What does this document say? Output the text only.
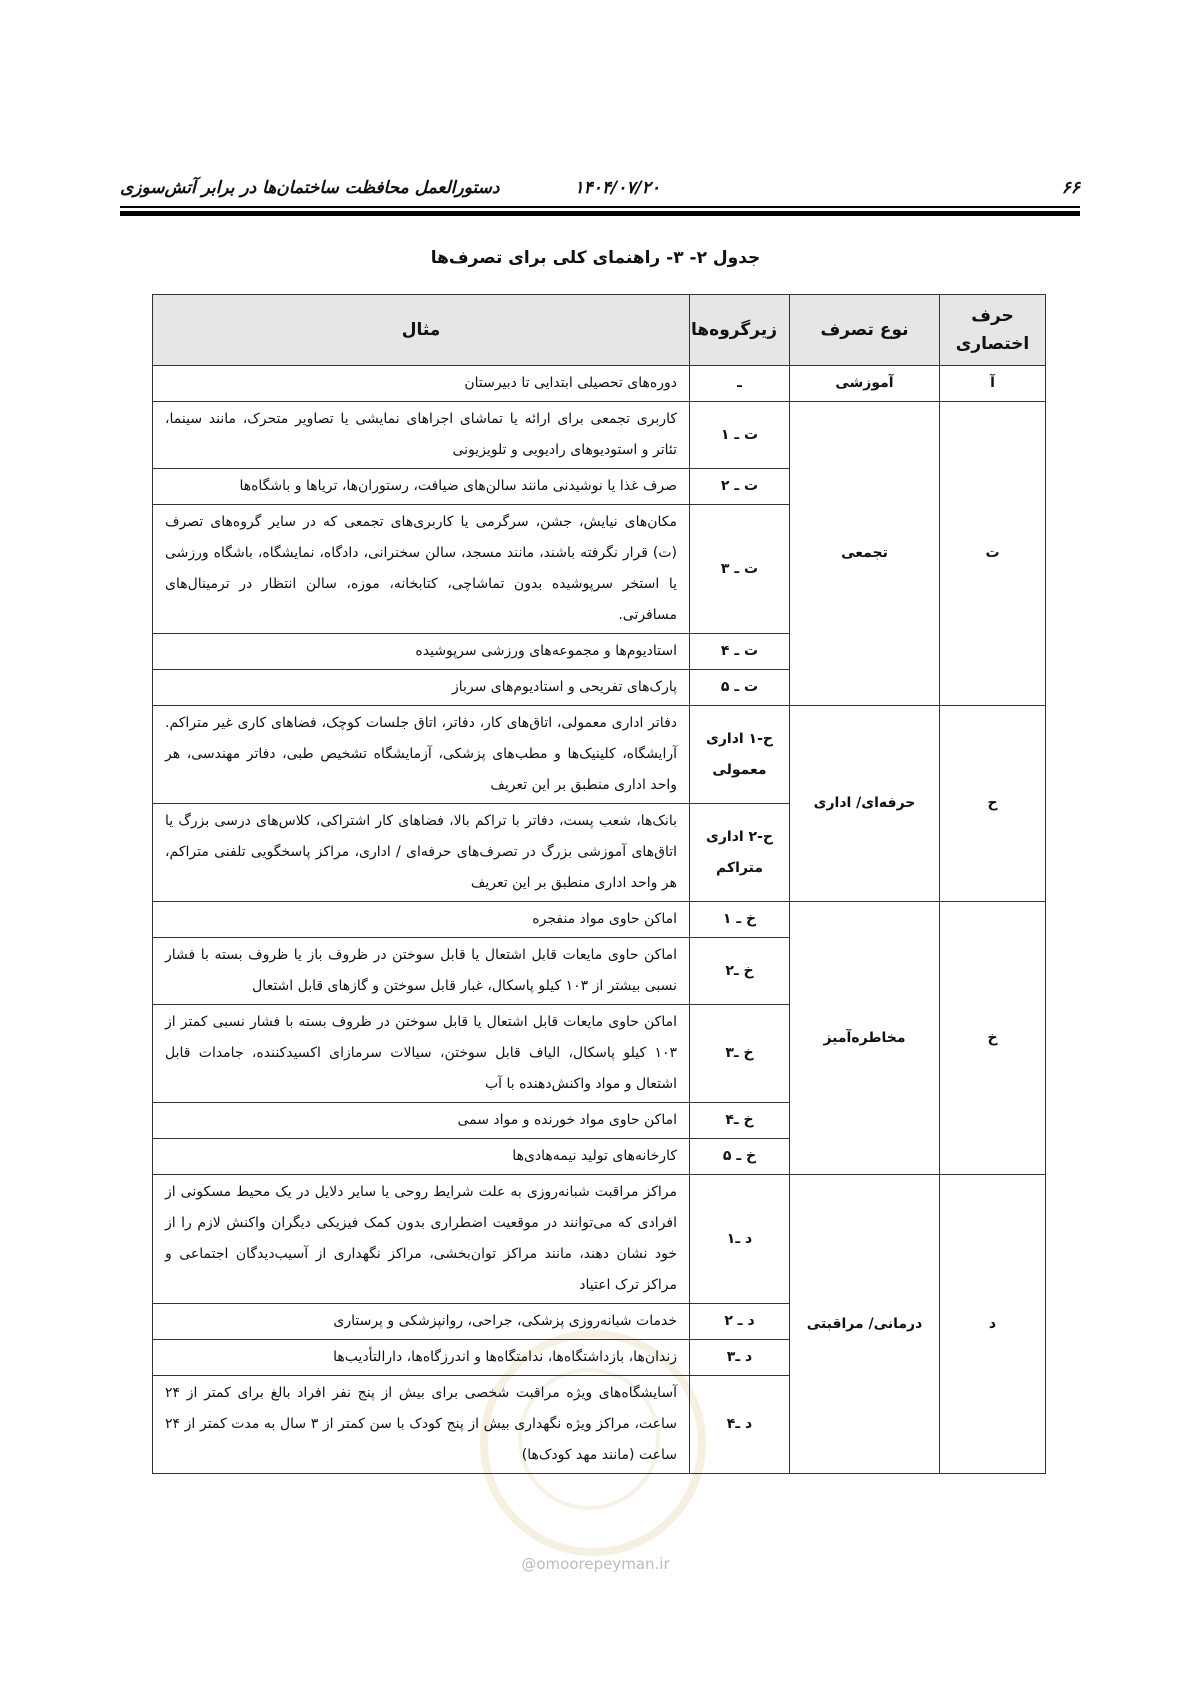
۶۶
۱۴۰۴/۰۷/۲۰
دستورالعمل محافظت ساختمان‌ها در برابر آتش‌سوزی
جدول ۲- ۳- راهنمای کلی برای تصرف‌ها
حرف اختصاری	نوع تصرف	زیرگروه‌ها	مثال
آ	آموزشی	ـ	دوره‌های تحصیلی ابتدایی تا دبیرستان
ت	تجمعی	ت ـ ۱	کاربری تجمعی برای ارائه یا تماشای اجراهای نمایشی یا تصاویر متحرک، مانند سینما، تئاتر و استودیوهای رادیویی و تلویزیونی
		ت ـ ۲	صرف غذا یا نوشیدنی مانند سالن‌های ضیافت، رستوران‌ها، تریاها و باشگاه‌ها
		ت ـ ۳	مکان‌های نیایش، جشن، سرگرمی یا کاربری‌های تجمعی که در سایر گروه‌های تصرف (ت) قرار نگرفته باشند، مانند مسجد، سالن سخنرانی، دادگاه، نمایشگاه، باشگاه ورزشی یا استخر سرپوشیده بدون تماشاچی، کتابخانه، موزه، سالن انتظار در ترمینال‌های مسافرتی.
		ت ـ ۴	استادیوم‌ها و مجموعه‌های ورزشی سرپوشیده
		ت ـ ۵	پارک‌های تفریحی و استادیوم‌های سرباز
ح	حرفه‌ای/ اداری	ح-۱ اداری معمولی	دفاتر اداری معمولی، اتاق‌های کار، دفاتر، اتاق جلسات کوچک، فضاهای کاری غیر متراکم. آرایشگاه، کلینیک‌ها و مطب‌های پزشکی، آزمایشگاه تشخیص طبی، دفاتر مهندسی، هر واحد اداری منطبق بر این تعریف
		ح-۲ اداری متراکم	بانک‌ها، شعب پست، دفاتر با تراکم بالا، فضاهای کار اشتراکی، کلاس‌های درسی بزرگ یا اتاق‌های آموزشی بزرگ در تصرف‌های حرفه‌ای / اداری، مراکز پاسخگویی تلفنی متراکم، هر واحد اداری منطبق بر این تعریف
خ	مخاطره‌آمیز	خ ـ ۱	اماکن حاوی مواد منفجره
		خ ـ۲	اماکن حاوی مایعات قابل اشتعال یا قابل سوختن در ظروف باز یا ظروف بسته با فشار نسبی بیشتر از ۱۰۳ کیلو پاسکال، غبار قابل سوختن و گازهای قابل اشتعال
		خ ـ۳	اماکن حاوی مایعات قابل اشتعال یا قابل سوختن در ظروف بسته با فشار نسبی کمتر از ۱۰۳ کیلو پاسکال، الیاف قابل سوختن، سیالات سرمازای اکسیدکننده، جامدات قابل اشتعال و مواد واکنش‌دهنده با آب
		خ ـ۴	اماکن حاوی مواد خورنده و مواد سمی
		خ ـ ۵	کارخانه‌های تولید نیمه‌هادی‌ها
د	درمانی/ مراقبتی	د ـ۱	مراکز مراقبت شبانه‌روزی به علت شرایط روحی یا سایر دلایل در یک محیط مسکونی از افرادی که می‌توانند در موقعیت اضطراری بدون کمک فیزیکی دیگران واکنش لازم را از خود نشان دهند، مانند مراکز توان‌بخشی، مراکز نگهداری از آسیب‌دیدگان اجتماعی و مراکز ترک اعتیاد
		د ـ ۲	خدمات شبانه‌روزی پزشکی، جراحی، روانپزشکی و پرستاری
		د ـ۳	زندان‌ها، بازداشتگاه‌ها، ندامتگاه‌ها و اندرزگاه‌ها، دارالتأدیب‌ها
		د ـ۴	آسایشگاه‌های ویژه مراقبت شخصی برای بیش از پنج نفر افراد بالغ برای کمتر از ۲۴ ساعت، مراکز ویژه نگهداری بیش از پنج کودک با سن کمتر از ۳ سال به مدت کمتر از ۲۴ ساعت (مانند مهد کودک‌ها)
@omoorepeyman.ir
